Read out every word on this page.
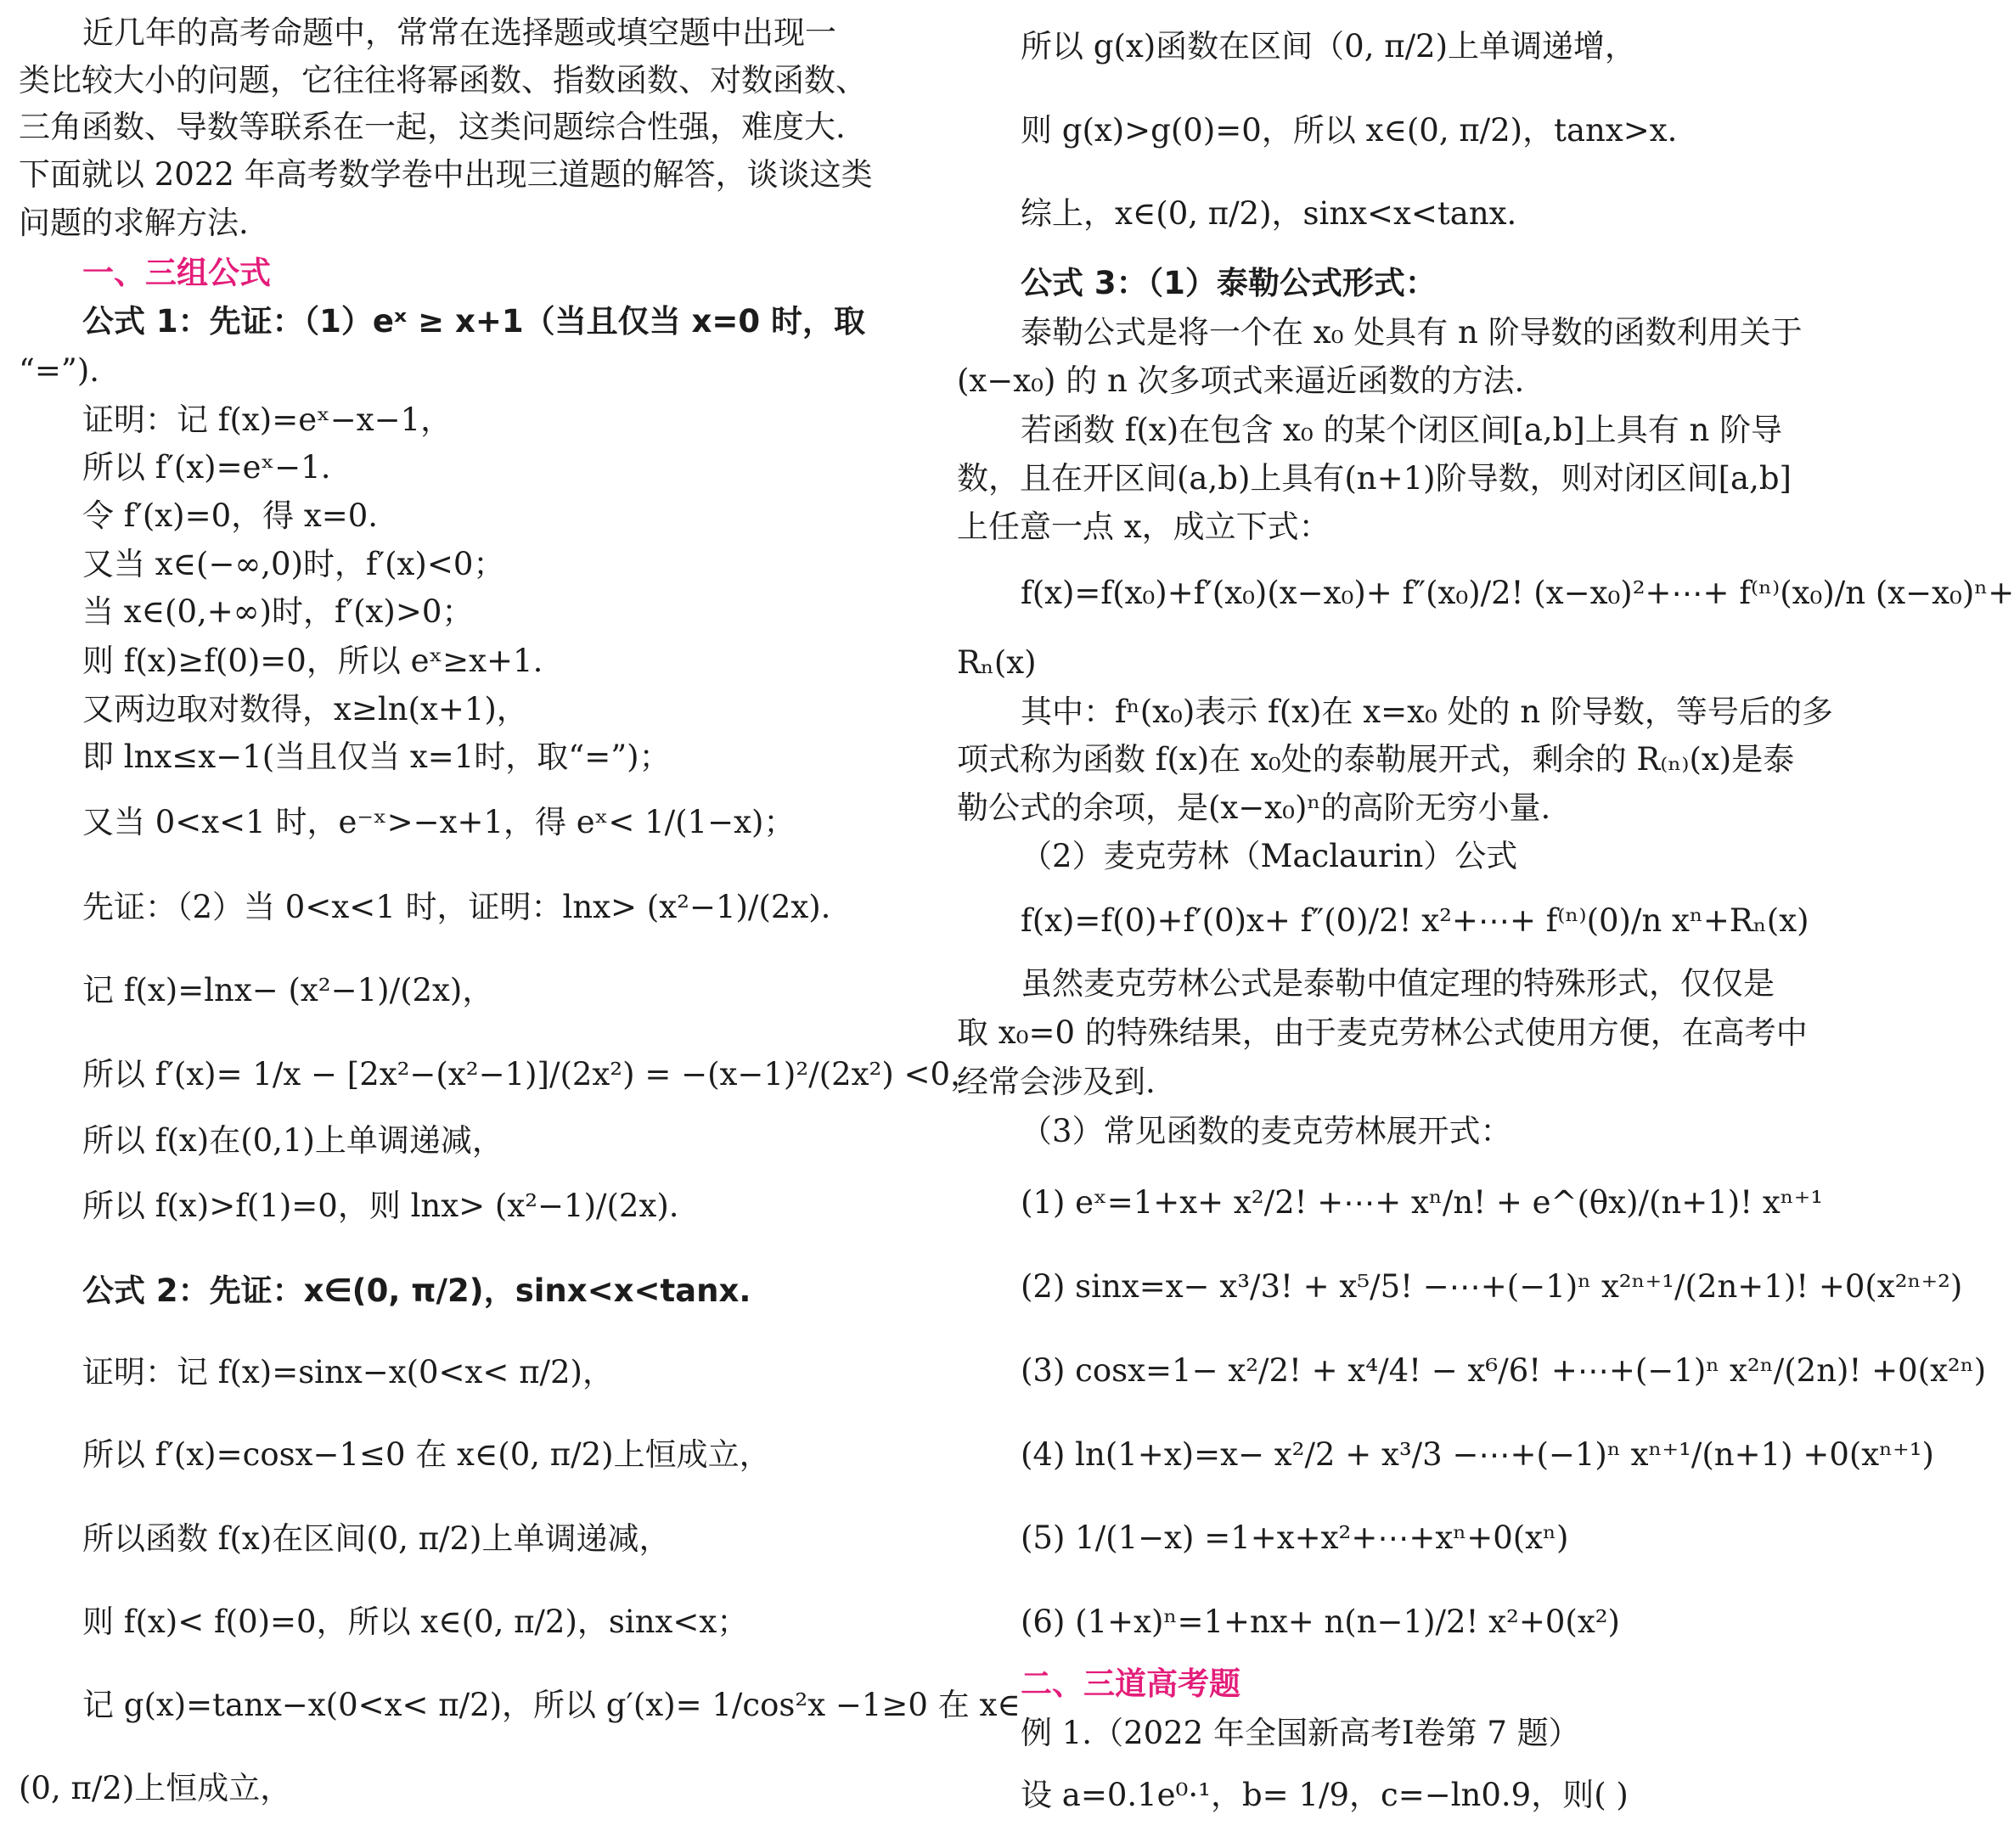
近几年的高考命题中，常常在选择题或填空题中出现一
类比较大小的问题，它往往将幂函数、指数函数、对数函数、
三角函数、导数等联系在一起，这类问题综合性强，难度大.
下面就以 2022 年高考数学卷中出现三道题的解答，谈谈这类
问题的求解方法.
一、三组公式
公式 1：先证：（1）eˣ ≥ x+1（当且仅当 x=0 时，取
“=”).
证明：记 f(x)=eˣ−x−1，
所以 f′(x)=eˣ−1.
令 f′(x)=0，得 x=0.
又当 x∈(−∞,0)时，f′(x)<0；
当 x∈(0,+∞)时，f′(x)>0；
则 f(x)≥f(0)=0，所以 eˣ≥x+1.
又两边取对数得，x≥ln(x+1)，
即 lnx≤x−1(当且仅当 x=1时，取“=”)；
又当 0<x<1 时，e⁻ˣ>−x+1，得 eˣ< 1/(1−x)；
先证：（2）当 0<x<1 时，证明：lnx> (x²−1)/(2x).
记 f(x)=lnx− (x²−1)/(2x)，
所以 f′(x)= 1/x − [2x²−(x²−1)]/(2x²) = −(x−1)²/(2x²) <0，
所以 f(x)在(0,1)上单调递减，
所以 f(x)>f(1)=0，则 lnx> (x²−1)/(2x).
公式 2：先证：x∈(0, π/2)，sinx<x<tanx.
证明：记 f(x)=sinx−x(0<x< π/2)，
所以 f′(x)=cosx−1≤0 在 x∈(0, π/2)上恒成立，
所以函数 f(x)在区间(0, π/2)上单调递减，
则 f(x)< f(0)=0，所以 x∈(0, π/2)，sinx<x；
记 g(x)=tanx−x(0<x< π/2)，所以 g′(x)= 1/cos²x −1≥0 在 x∈
(0, π/2)上恒成立，
所以 g(x)函数在区间（0, π/2)上单调递增，
则 g(x)>g(0)=0，所以 x∈(0, π/2)，tanx>x.
综上，x∈(0, π/2)，sinx<x<tanx.
公式 3：（1）泰勒公式形式：
泰勒公式是将一个在 x₀ 处具有 n 阶导数的函数利用关于
(x−x₀) 的 n 次多项式来逼近函数的方法.
若函数 f(x)在包含 x₀ 的某个闭区间[a,b]上具有 n 阶导
数，且在开区间(a,b)上具有(n+1)阶导数，则对闭区间[a,b]
上任意一点 x，成立下式：
f(x)=f(x₀)+f′(x₀)(x−x₀)+ f″(x₀)/2! (x−x₀)²+⋯+ f⁽ⁿ⁾(x₀)/n (x−x₀)ⁿ+
Rₙ(x)
其中：fⁿ(x₀)表示 f(x)在 x=x₀ 处的 n 阶导数，等号后的多
项式称为函数 f(x)在 x₀处的泰勒展开式，剩余的 R₍ₙ₎(x)是泰
勒公式的余项，是(x−x₀)ⁿ的高阶无穷小量.
（2）麦克劳林（Maclaurin）公式
f(x)=f(0)+f′(0)x+ f″(0)/2! x²+⋯+ f⁽ⁿ⁾(0)/n xⁿ+Rₙ(x)
虽然麦克劳林公式是泰勒中值定理的特殊形式，仅仅是
取 x₀=0 的特殊结果，由于麦克劳林公式使用方便，在高考中
经常会涉及到.
（3）常见函数的麦克劳林展开式：
(1) eˣ=1+x+ x²/2! +⋯+ xⁿ/n! + e^(θx)/(n+1)! xⁿ⁺¹
(2) sinx=x− x³/3! + x⁵/5! −⋯+(−1)ⁿ x²ⁿ⁺¹/(2n+1)! +0(x²ⁿ⁺²)
(3) cosx=1− x²/2! + x⁴/4! − x⁶/6! +⋯+(−1)ⁿ x²ⁿ/(2n)! +0(x²ⁿ)
(4) ln(1+x)=x− x²/2 + x³/3 −⋯+(−1)ⁿ xⁿ⁺¹/(n+1) +0(xⁿ⁺¹)
(5) 1/(1−x) =1+x+x²+⋯+xⁿ+0(xⁿ)
(6) (1+x)ⁿ=1+nx+ n(n−1)/2! x²+0(x²)
二、三道高考题
例 1.（2022 年全国新高考Ⅰ卷第 7 题）
设 a=0.1e⁰·¹，b= 1/9，c=−ln0.9，则( )
